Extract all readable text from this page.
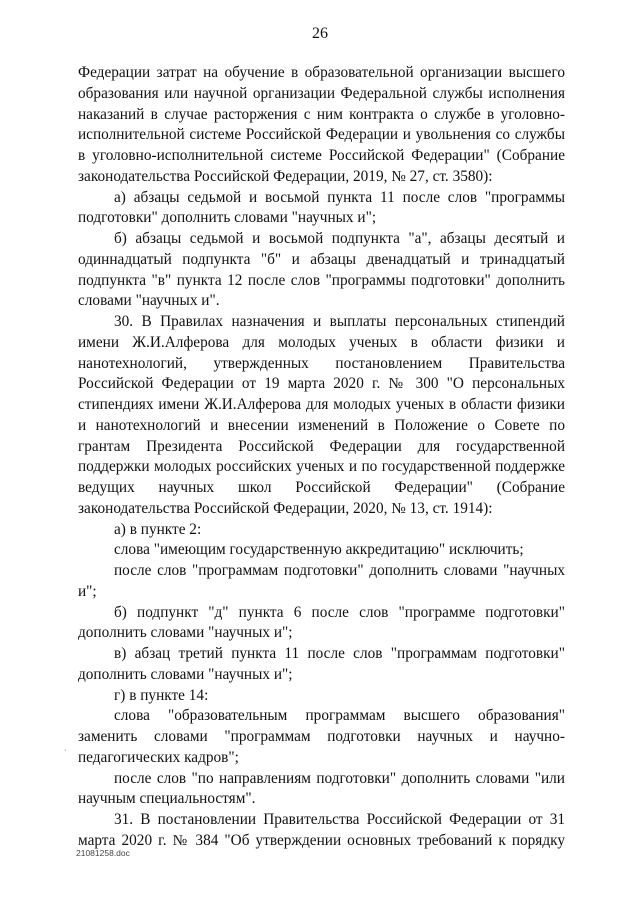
26

Федерации затрат на обучение в образовательной организации высшего образования или научной организации Федеральной службы исполнения наказаний в случае расторжения с ним контракта о службе в уголовно-исполнительной системе Российской Федерации и увольнения со службы в уголовно-исполнительной системе Российской Федерации" (Собрание законодательства Российской Федерации, 2019, № 27, ст. 3580):

а) абзацы седьмой и восьмой пункта 11 после слов "программы подготовки" дополнить словами "научных и";

б) абзацы седьмой и восьмой подпункта "а", абзацы десятый и одиннадцатый подпункта "б" и абзацы двенадцатый и тринадцатый подпункта "в" пункта 12 после слов "программы подготовки" дополнить словами "научных и".

30. В Правилах назначения и выплаты персональных стипендий имени Ж.И.Алферова для молодых ученых в области физики и нанотехнологий, утвержденных постановлением Правительства Российской Федерации от 19 марта 2020 г. № 300 "О персональных стипендиях имени Ж.И.Алферова для молодых ученых в области физики и нанотехнологий и внесении изменений в Положение о Совете по грантам Президента Российской Федерации для государственной поддержки молодых российских ученых и по государственной поддержке ведущих научных школ Российской Федерации" (Собрание законодательства Российской Федерации, 2020, № 13, ст. 1914):

а) в пункте 2:

слова "имеющим государственную аккредитацию" исключить;

после слов "программам подготовки" дополнить словами "научных и";

б) подпункт "д" пункта 6 после слов "программе подготовки" дополнить словами "научных и";

в) абзац третий пункта 11 после слов "программам подготовки" дополнить словами "научных и";

г) в пункте 14:

слова "образовательным программам высшего образования" заменить словами "программам подготовки научных и научно-педагогических кадров";

после слов "по направлениям подготовки" дополнить словами "или научным специальностям".

31. В постановлении Правительства Российской Федерации от 31 марта 2020 г. № 384 "Об утверждении основных требований к порядку

·
21081258.doc
